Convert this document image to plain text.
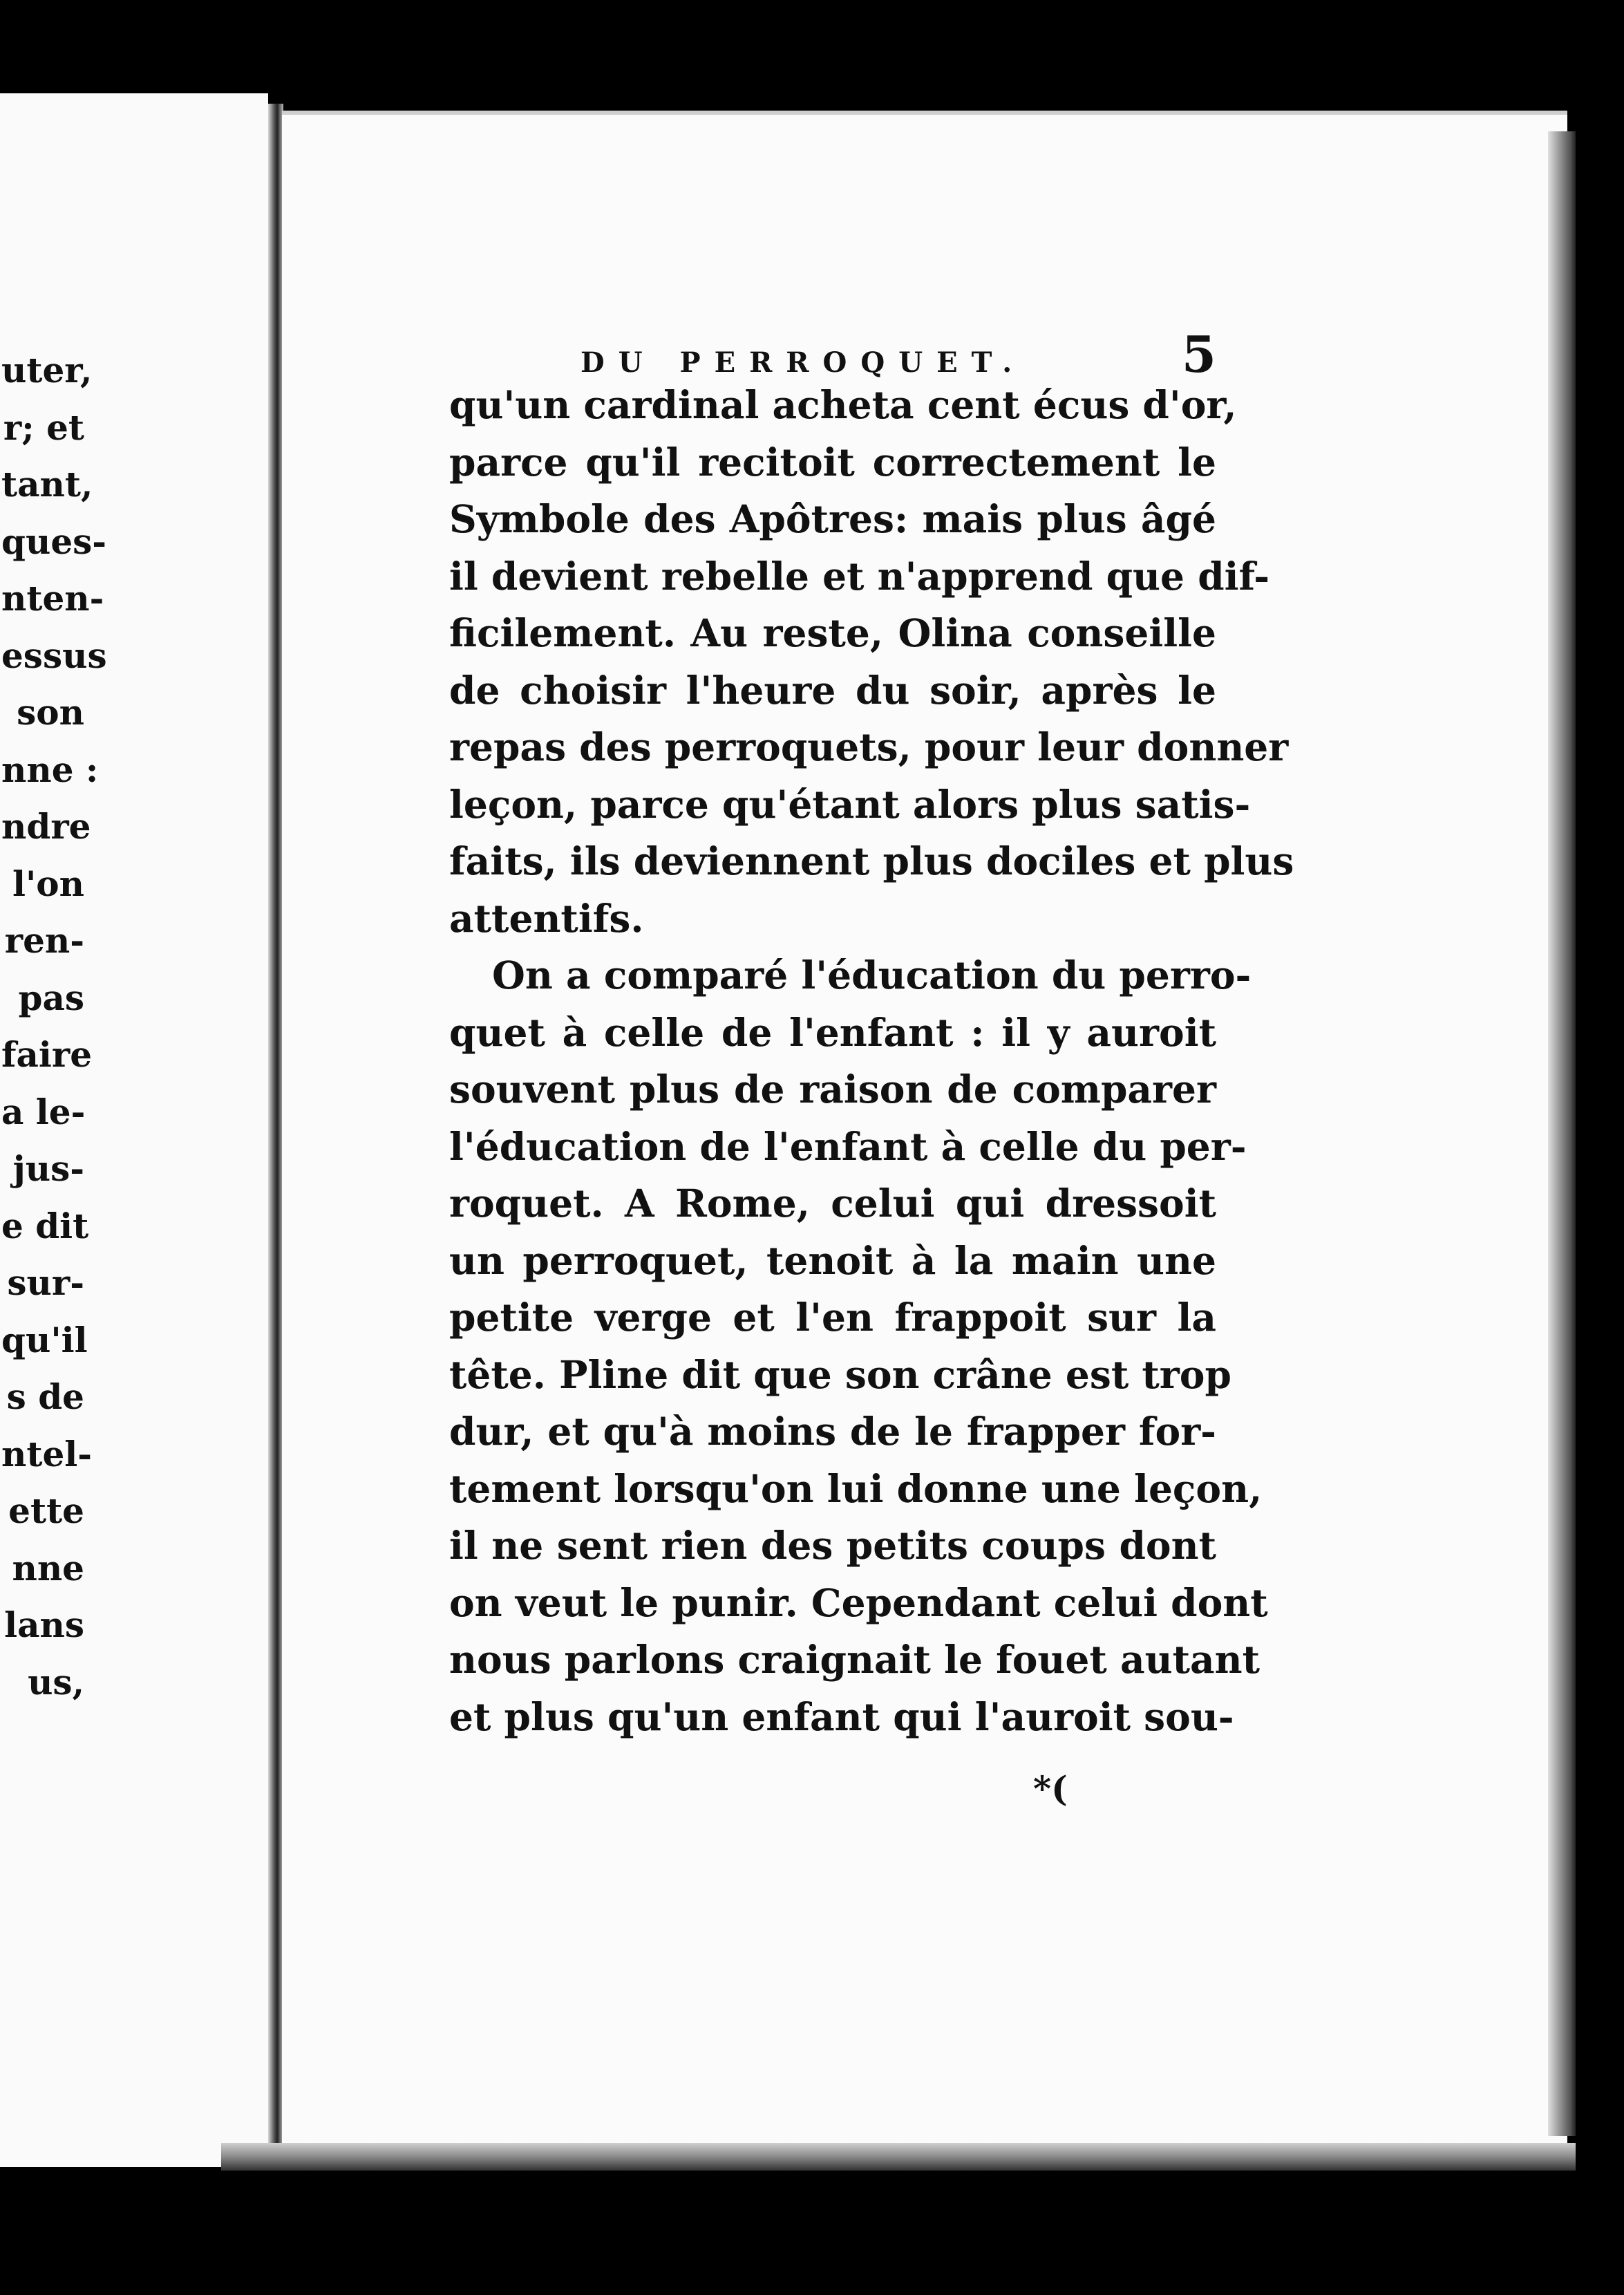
uter,
r; et
tant,
ques-
nten-
essus
son
nne :
ndre
l'on
ren-
pas
faire
a le-
jus-
e dit
sur-
qu'il
s de
ntel-
ette
nne
lans
us,
DU PERROQUET.	5
qu'un cardinal acheta cent écus d'or,
parce qu'il recitoit correctement le
Symbole des Apôtres: mais plus âgé
il devient rebelle et n'apprend que dif-
ficilement. Au reste, Olina conseille
de choisir l'heure du soir, après le
repas des perroquets, pour leur donner
leçon, parce qu'étant alors plus satis-
faits, ils deviennent plus dociles et plus
attentifs.
On a comparé l'éducation du perro-
quet à celle de l'enfant : il y auroit
souvent plus de raison de comparer
l'éducation de l'enfant à celle du per-
roquet. A Rome, celui qui dressoit
un perroquet, tenoit à la main une
petite verge et l'en frappoit sur la
tête. Pline dit que son crâne est trop
dur, et qu'à moins de le frapper for-
tement lorsqu'on lui donne une leçon,
il ne sent rien des petits coups dont
on veut le punir. Cependant celui dont
nous parlons craignait le fouet autant
et plus qu'un enfant qui l'auroit sou-
*(
